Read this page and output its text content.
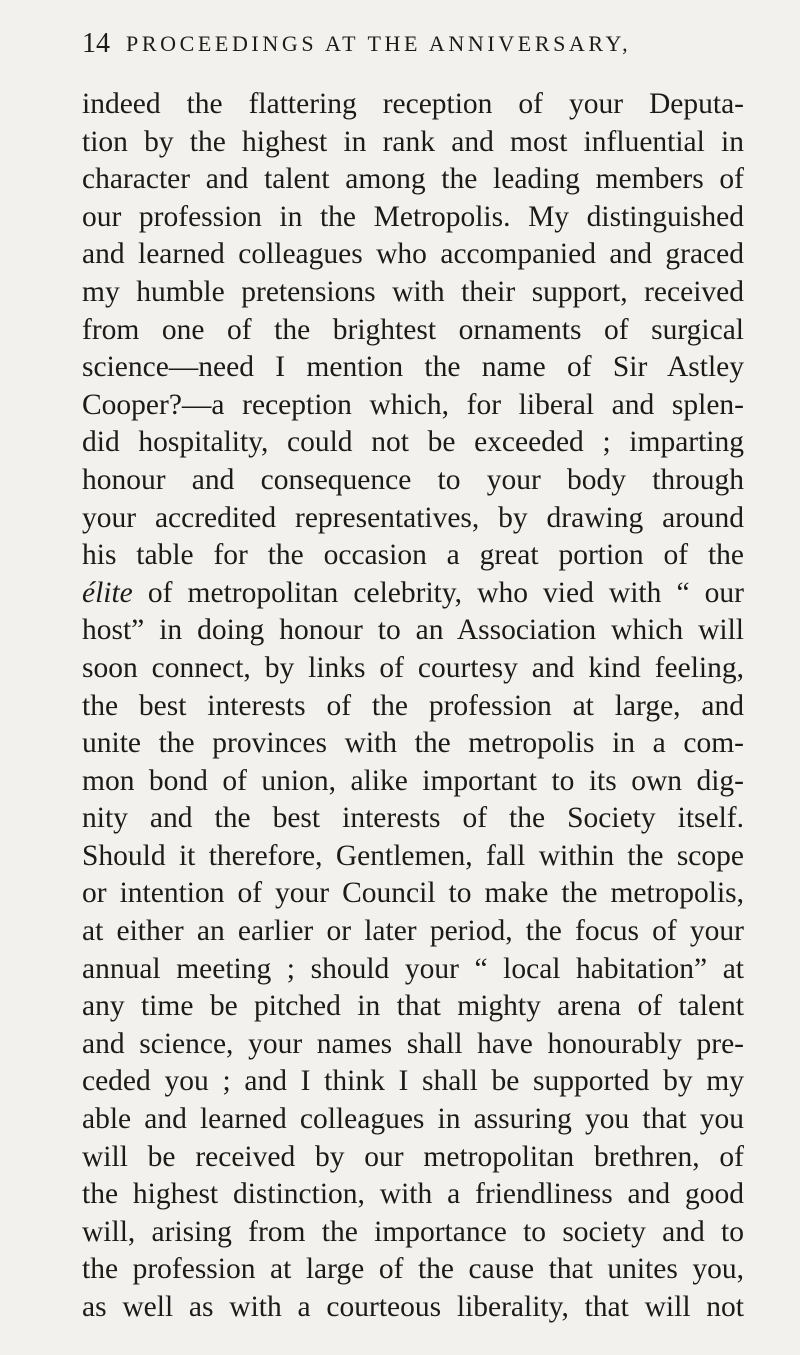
14 PROCEEDINGS AT THE ANNIVERSARY,
indeed the flattering reception of your Deputa-
tion by the highest in rank and most influential in
character and talent among the leading members of
our profession in the Metropolis. My distinguished
and learned colleagues who accompanied and graced
my humble pretensions with their support, received
from one of the brightest ornaments of surgical
science—need I mention the name of Sir Astley
Cooper?—a reception which, for liberal and splen-
did hospitality, could not be exceeded ; imparting
honour and consequence to your body through
your accredited representatives, by drawing around
his table for the occasion a great portion of the
élite of metropolitan celebrity, who vied with “ our
host” in doing honour to an Association which will
soon connect, by links of courtesy and kind feeling,
the best interests of the profession at large, and
unite the provinces with the metropolis in a com-
mon bond of union, alike important to its own dig-
nity and the best interests of the Society itself.
Should it therefore, Gentlemen, fall within the scope
or intention of your Council to make the metropolis,
at either an earlier or later period, the focus of your
annual meeting ; should your “ local habitation” at
any time be pitched in that mighty arena of talent
and science, your names shall have honourably pre-
ceded you ; and I think I shall be supported by my
able and learned colleagues in assuring you that you
will be received by our metropolitan brethren, of
the highest distinction, with a friendliness and good
will, arising from the importance to society and to
the profession at large of the cause that unites you,
as well as with a courteous liberality, that will not
